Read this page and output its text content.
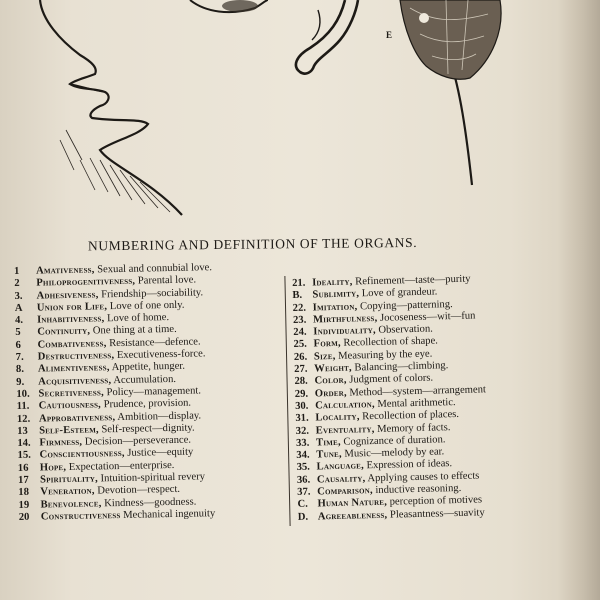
E
NUMBERING AND DEFINITION OF THE ORGANS.
1 Amativeness, Sexual and connubial love.
2 Philoprogenitiveness, Parental love.
3. Adhesiveness, Friendship—sociability.
A Union for Life, Love of one only.
4. Inhabitiveness, Love of home.
5 Continuity, One thing at a time.
6 Combativeness, Resistance—defence.
7. Destructiveness, Executiveness-force.
8. Alimentiveness, Appetite, hunger.
9. Acquisitiveness, Accumulation.
10. Secretiveness, Policy—management.
11. Cautiousness, Prudence, provision.
12. Approbativeness, Ambition—display.
13 Self-Esteem, Self-respect—dignity.
14. Firmness, Decision—perseverance.
15. Conscientiousness, Justice—equity
16 Hope, Expectation—enterprise.
17 Spirituality, Intuition-spiritual revery
18 Veneration, Devotion—respect.
19 Benevolence, Kindness—goodness.
20 Constructiveness Mechanical ingenuity
21. Ideality, Refinement—taste—purity
B. Sublimity, Love of grandeur.
22. Imitation, Copying—patterning.
23. Mirthfulness, Jocoseness—wit—fun
24. Individuality, Observation.
25. Form, Recollection of shape.
26. Size, Measuring by the eye.
27. Weight, Balancing—climbing.
28. Color, Judgment of colors.
29. Order, Method—system—arrangement
30. Calculation, Mental arithmetic.
31. Locality, Recollection of places.
32. Eventuality, Memory of facts.
33. Time, Cognizance of duration.
34. Tune, Music—melody by ear.
35. Language, Expression of ideas.
36. Causality, Applying causes to effects
37. Comparison, inductive reasoning.
C. Human Nature, perception of motives
D. Agreeableness, Pleasantness—suavity
